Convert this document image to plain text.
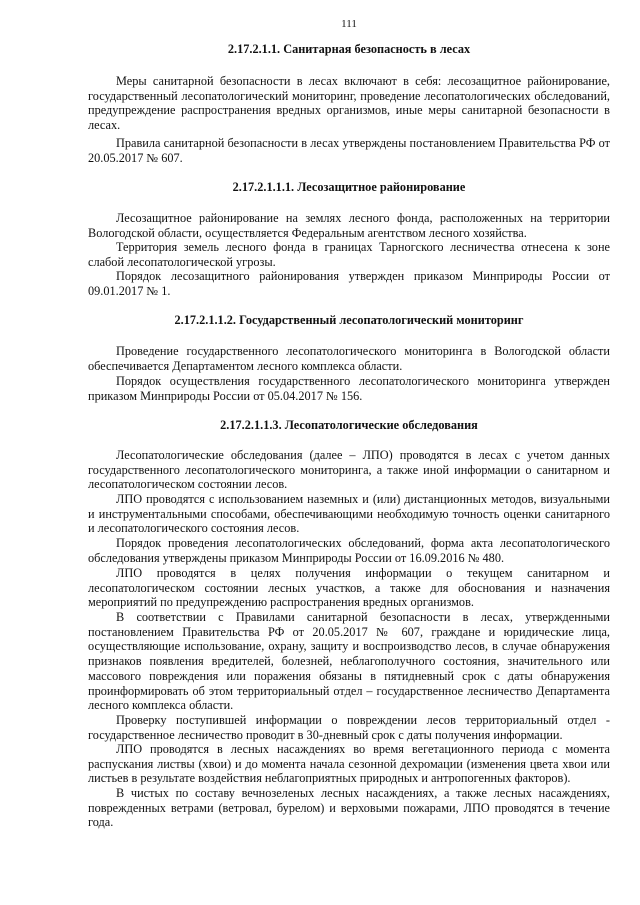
111
2.17.2.1.1. Санитарная безопасность в лесах

Меры санитарной безопасности в лесах включают в себя: лесозащитное районирование, государственный лесопатологический мониторинг, проведение лесопатологических обследований, предупреждение распространения вредных организмов, иные меры санитарной безопасности в лесах.

Правила санитарной безопасности в лесах утверждены постановлением Правительства РФ от 20.05.2017 № 607.

2.17.2.1.1.1. Лесозащитное районирование

Лесозащитное районирование на землях лесного фонда, расположенных на территории Вологодской области, осуществляется Федеральным агентством лесного хозяйства.

Территория земель лесного фонда в границах Тарногского лесничества отнесена к зоне слабой лесопатологической угрозы.

Порядок лесозащитного районирования утвержден приказом Минприроды России от 09.01.2017 № 1.

2.17.2.1.1.2. Государственный лесопатологический мониторинг

Проведение государственного лесопатологического мониторинга в Вологодской области обеспечивается Департаментом лесного комплекса области.

Порядок осуществления государственного лесопатологического мониторинга утвержден приказом Минприроды России от 05.04.2017 № 156.

2.17.2.1.1.3. Лесопатологические обследования

Лесопатологические обследования (далее – ЛПО) проводятся в лесах с учетом данных государственного лесопатологического мониторинга, а также иной информации о санитарном и лесопатологическом состоянии лесов.

ЛПО проводятся с использованием наземных и (или) дистанционных методов, визуальными и инструментальными способами, обеспечивающими необходимую точность оценки санитарного и лесопатологического состояния лесов.

Порядок проведения лесопатологических обследований, форма акта лесопатологического обследования утверждены приказом Минприроды России от 16.09.2016 № 480.

ЛПО проводятся в целях получения информации о текущем санитарном и лесопатологическом состоянии лесных участков, а также для обоснования и назначения мероприятий по предупреждению распространения вредных организмов.

В соответствии с Правилами санитарной безопасности в лесах, утвержденными постановлением Правительства РФ от 20.05.2017 № 607, граждане и юридические лица, осуществляющие использование, охрану, защиту и воспроизводство лесов, в случае обнаружения признаков появления вредителей, болезней, неблагополучного состояния, значительного или массового повреждения или поражения обязаны в пятидневный срок с даты обнаружения проинформировать об этом территориальный отдел – государственное лесничество Департамента лесного комплекса области.

Проверку поступившей информации о повреждении лесов территориальный отдел - государственное лесничество проводит в 30-дневный срок с даты получения информации.

ЛПО проводятся в лесных насаждениях во время вегетационного периода с момента распускания листвы (хвои) и до момента начала сезонной дехромации (изменения цвета хвои или листьев в результате воздействия неблагоприятных природных и антропогенных факторов).

В чистых по составу вечнозеленых лесных насаждениях, а также лесных насаждениях, поврежденных ветрами (ветровал, бурелом) и верховыми пожарами, ЛПО проводятся в течение года.
